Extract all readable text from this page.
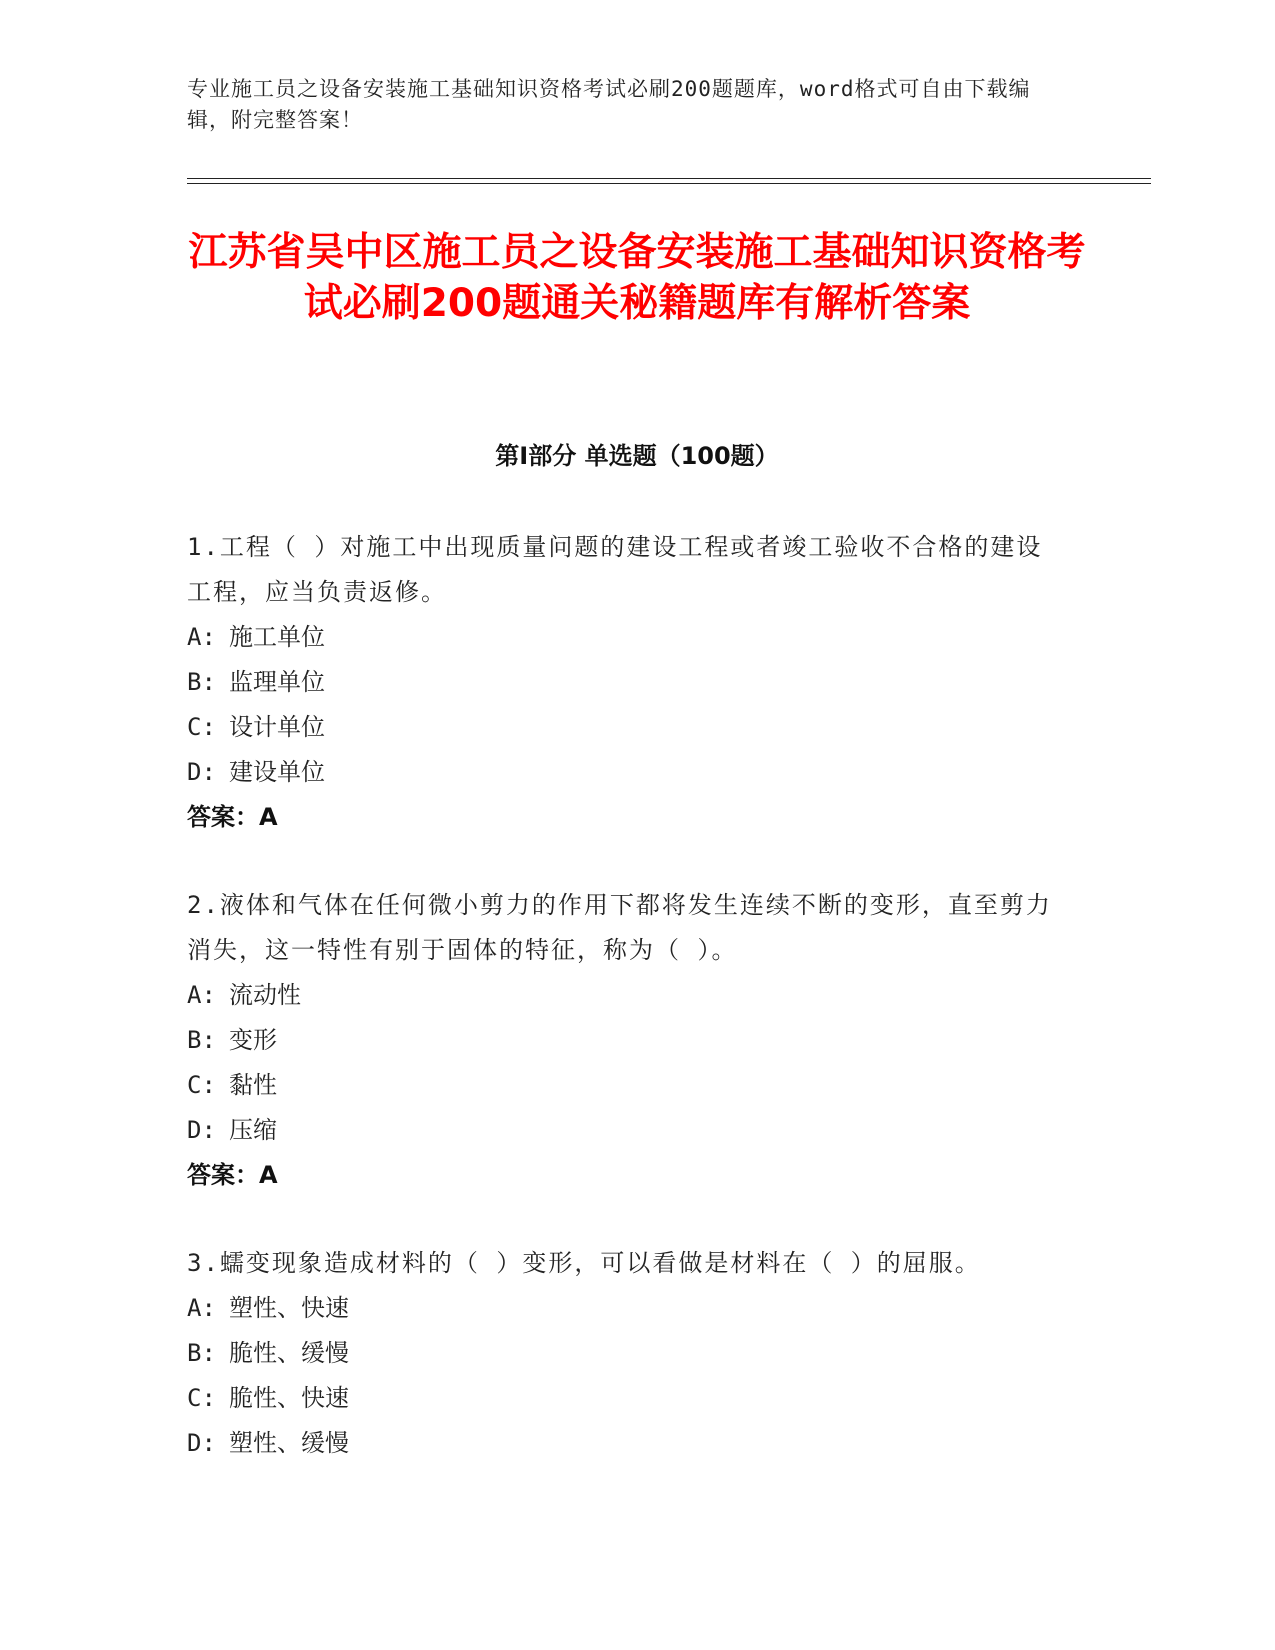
专业施工员之设备安装施工基础知识资格考试必刷200题题库，word格式可自由下载编辑，附完整答案！
江苏省吴中区施工员之设备安装施工基础知识资格考试必刷200题通关秘籍题库有解析答案
第I部分 单选题（100题）

1.工程（ ）对施工中出现质量问题的建设工程或者竣工验收不合格的建设工程，应当负责返修。

A: 施工单位

B: 监理单位

C: 设计单位

D: 建设单位

答案：A

2.液体和气体在任何微小剪力的作用下都将发生连续不断的变形，直至剪力消失，这一特性有别于固体的特征，称为（ ）。

A: 流动性

B: 变形

C: 黏性

D: 压缩

答案：A

3.蠕变现象造成材料的（ ）变形，可以看做是材料在（ ）的屈服。

A: 塑性、快速

B: 脆性、缓慢

C: 脆性、快速

D: 塑性、缓慢
